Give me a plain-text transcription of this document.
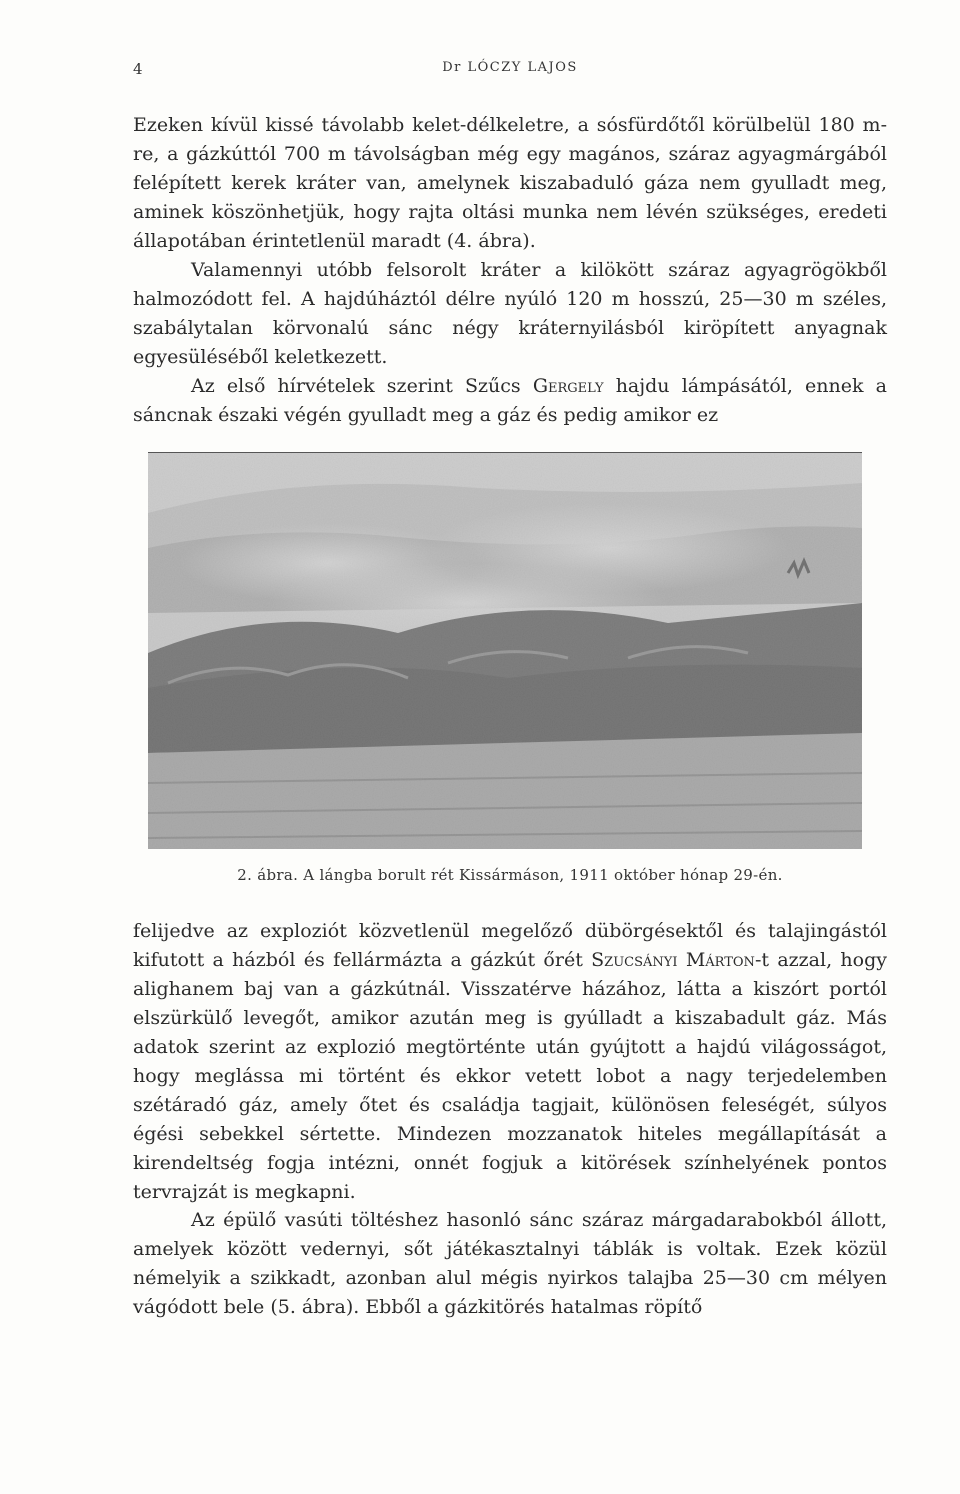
4	Dr LÓCZY LAJOS

Ezeken kívül kissé távolabb kelet-délkeletre, a sósfürdőtől körülbelül 180 m-re, a gázkúttól 700 m távolságban még egy magános, száraz agyagmárgából felépített kerek kráter van, amelynek kiszabaduló gáza nem gyulladt meg, aminek köszönhetjük, hogy rajta oltási munka nem lévén szükséges, eredeti állapotában érintetlenül maradt (4. ábra).

Valamennyi utóbb felsorolt kráter a kilökött száraz agyagrögökből halmozódott fel. A hajdúháztól délre nyúló 120 m hosszú, 25—30 m széles, szabálytalan körvonalú sánc négy kráternyilásból kiröpített anyagnak egyesüléséből keletkezett.

Az első hírvételek szerint Szűcs Gergely hajdu lámpásától, ennek a sáncnak északi végén gyulladt meg a gáz és pedig amikor ez

2. ábra. A lángba borult rét Kissármáson, 1911 október hónap 29-én.

felijedve az exploziót közvetlenül megelőző dübörgésektől és talajingástól kifutott a házból és fellármázta a gázkút őrét Szucsányi Márton-t azzal, hogy alighanem baj van a gázkútnál. Visszatérve házához, látta a kiszórt portól elszürkülő levegőt, amikor azután meg is gyúlladt a kiszabadult gáz. Más adatok szerint az explozió megtörténte után gyújtott a hajdú világosságot, hogy meglássa mi történt és ekkor vetett lobot a nagy terjedelemben szétáradó gáz, amely őtet és családja tagjait, különösen feleségét, súlyos égési sebekkel sértette. Mindezen mozzanatok hiteles megállapítását a kirendeltség fogja intézni, onnét fogjuk a kitörések színhelyének pontos tervrajzát is megkapni.

Az épülő vasúti töltéshez hasonló sánc száraz márgadarabokból állott, amelyek között vedernyi, sőt játékasztalnyi táblák is voltak. Ezek közül némelyik a szikkadt, azonban alul mégis nyirkos talajba 25—30 cm mélyen vágódott bele (5. ábra). Ebből a gázkitörés hatalmas röpítő
